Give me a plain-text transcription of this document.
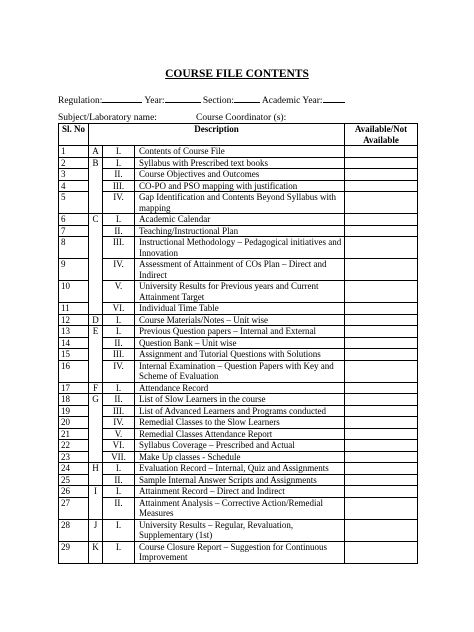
COURSE FILE CONTENTS
Regulation:	Year:	Section:	Academic Year:
Subject/Laboratory name:	Course Coordinator (s):
Sl. No	Description			Available/Not Available
1	A	I.	Contents of Course File	
2	B	I.	Syllabus with Prescribed text books	
3		II.	Course Objectives and Outcomes	
4		III.	CO-PO and PSO mapping with justification	
5		IV.	Gap Identification and Contents Beyond Syllabus with mapping	
6	C	I.	Academic Calendar	
7		II.	Teaching/Instructional Plan	
8		III.	Instructional Methodology – Pedagogical initiatives and Innovation	
9		IV.	Assessment of Attainment of COs Plan – Direct and Indirect	
10		V.	University Results for Previous years and Current Attainment Target	
11		VI.	Individual Time Table	
12	D	I.	Course Materials/Notes – Unit wise	
13	E	I.	Previous Question papers – Internal and External	
14		II.	Question Bank – Unit wise	
15		III.	Assignment and Tutorial Questions with Solutions	
16		IV.	Internal Examination – Question Papers with Key and Scheme of Evaluation	
17	F	I.	Attendance Record	
18	G	II.	List of Slow Learners in the course	
19		III.	List of Advanced Learners and Programs conducted	
20		IV.	Remedial Classes to the Slow Learners	
21		V.	Remedial Classes Attendance Report	
22		VI.	Syllabus Coverage – Prescribed and Actual	
23		VII.	Make Up classes - Schedule	
24	H	I.	Evaluation Record – Internal, Quiz and Assignments	
25		II.	Sample Internal Answer Scripts and Assignments	
26	I	I.	Attainment Record – Direct and Indirect	
27		II.	Attainment Analysis – Corrective Action/Remedial Measures	
28	J	I.	University Results – Regular, Revaluation, Supplementary (1st)	
29	K	I.	Course Closure Report – Suggestion for Continuous Improvement	
